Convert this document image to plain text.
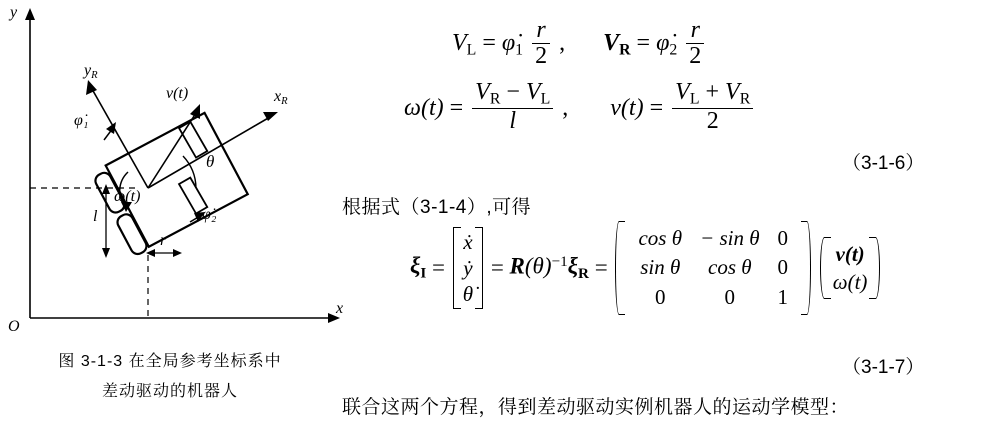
y
x
O
$x_R$
$y_R$
v(t)
θ
ω(t)
φ̇₁
φ̇₂
l
r
图 3-1-3 在全局参考坐标系中
差动驱动的机器人
$V_L$ = $\varphi̇_1 \frac{r}{2}$ , $V_R$ = $\varphi̇_2 \frac{r}{2}$
$\omega(t) = \frac{V_R - V_L}{l}$ , $v(t) = \frac{V_L + V_R}{2}$
（3-1-6）
根据式（3-1-4）,可得
$\xi_I$ =
ẋ
ẏ
θ̇
= $R(\theta)^{-1}\xi_R$ =
cos θ	− sin θ	0
sin θ	cos θ	0
0	0	1

v(t)
ω(t)
（3-1-7）
联合这两个方程，得到差动驱动实例机器人的运动学模型：
